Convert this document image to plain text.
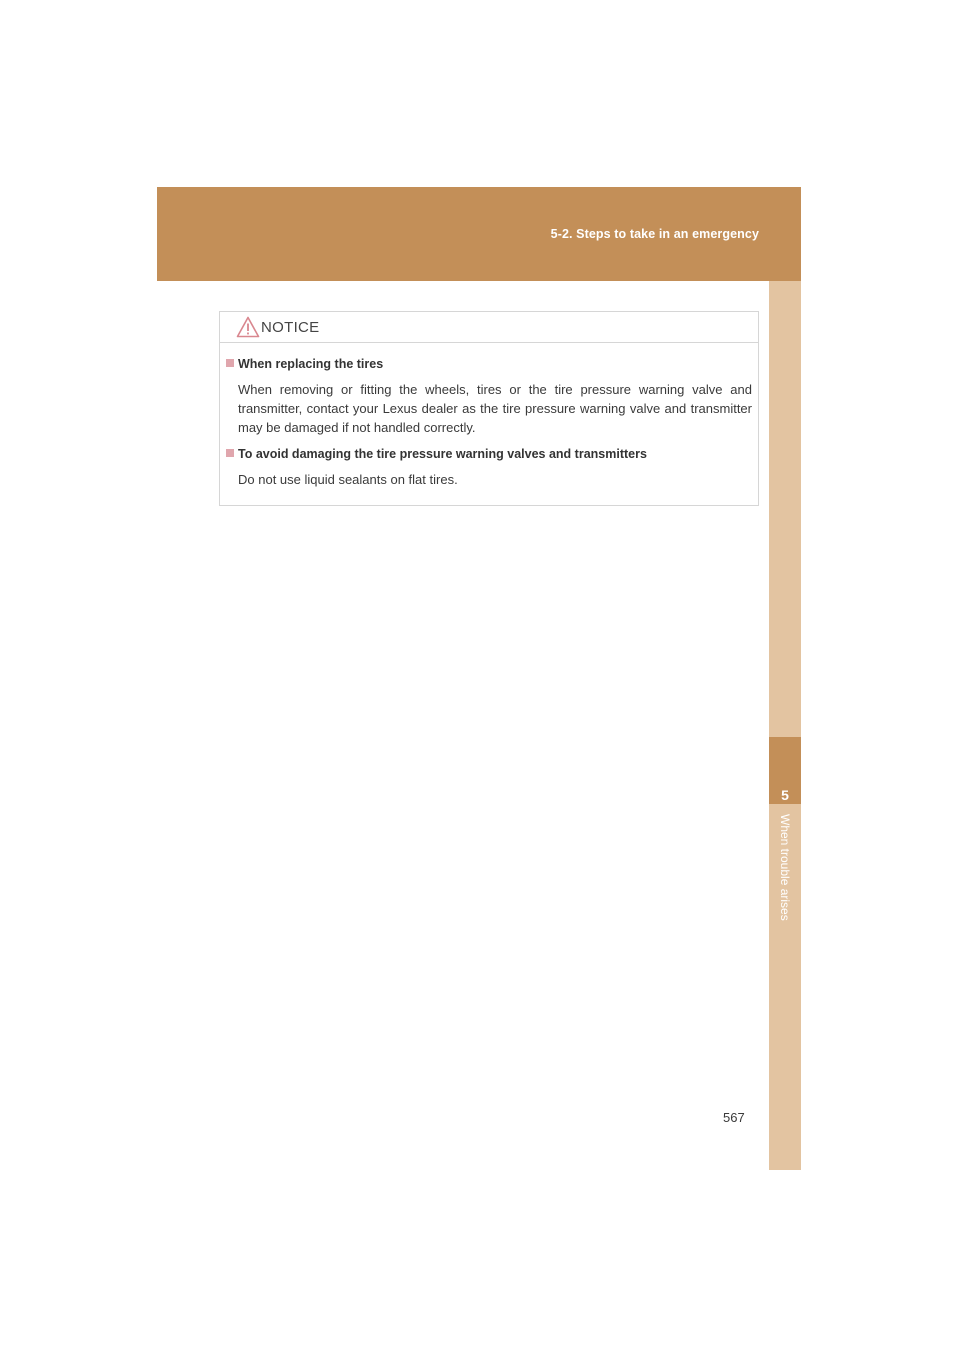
5-2. Steps to take in an emergency
5
When trouble arises
NOTICE
When replacing the tires
When removing or fitting the wheels, tires or the tire pressure warning valve and transmitter, contact your Lexus dealer as the tire pressure warning valve and transmitter may be damaged if not handled correctly.
To avoid damaging the tire pressure warning valves and transmitters
Do not use liquid sealants on flat tires.
567
